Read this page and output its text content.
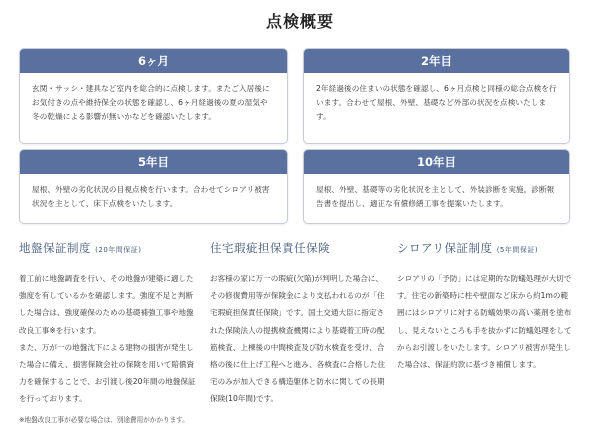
点検概要
6ヶ月
玄関・サッシ・建具など室内を総合的に点検します。またご入居後にお気付きの点や維持保全の状態を確認し、6ヶ月経過後の夏の湿気や冬の乾燥による影響が無いかなどを確認いたします。
2年目
2年経過後の住まいの状態を確認し、6ヶ月点検と同様の総合点検を行います。合わせて屋根、外壁、基礎など外部の状況を点検いたします。
5年目
屋根、外壁の劣化状況の目視点検を行います。合わせてシロアリ被害状況を主として、床下点検をいたします。
10年目
屋根、外壁、基礎等の劣化状況を主として、外装診断を実施。診断報告書を提出し、適正な有償修繕工事を提案いたします。
地盤保証制度 (20年間保証)

着工前に地盤調査を行い、その地盤が建築に適した強度を有しているかを確認します。強度不足と判断した場合は、強度確保のための基礎補強工事や地盤改良工事※を行います。

また、万が一の地盤沈下による建物の損害が発生した場合に備え、損害保険会社の保険を用いて賠償資力を確保することで、お引渡し後20年間の地盤保証を行っております。

※地盤改良工事が必要な場合は、別途費用がかかります。

住宅瑕疵担保責任保険

お客様の家に万一の瑕疵(欠陥)が判明した場合に、その修復費用等が保険金により支払われるのが「住宅瑕疵担保責任保険」です。国土交通大臣に指定された保険法人の提携検査機関により基礎着工時の配筋検査、上棟後の中間検査及び防水検査を受け、合格の後に仕上げ工程へと進み、各検査に合格した住宅のみが加入できる構造躯体と防水に関しての長期保険(10年間)です。

シロアリ保証制度 (5年間保証)

シロアリの「予防」には定期的な防蟻処理が大切です。住宅の新築時に柱や壁面など床から約1mの範囲にはシロアリに対する防蟻効果の高い薬剤を塗布し、見えないところも手を抜かずに防蟻処理をしてからお引渡しをいたします。シロアリ被害が発生した場合は、保証約款に基づき補償します。
